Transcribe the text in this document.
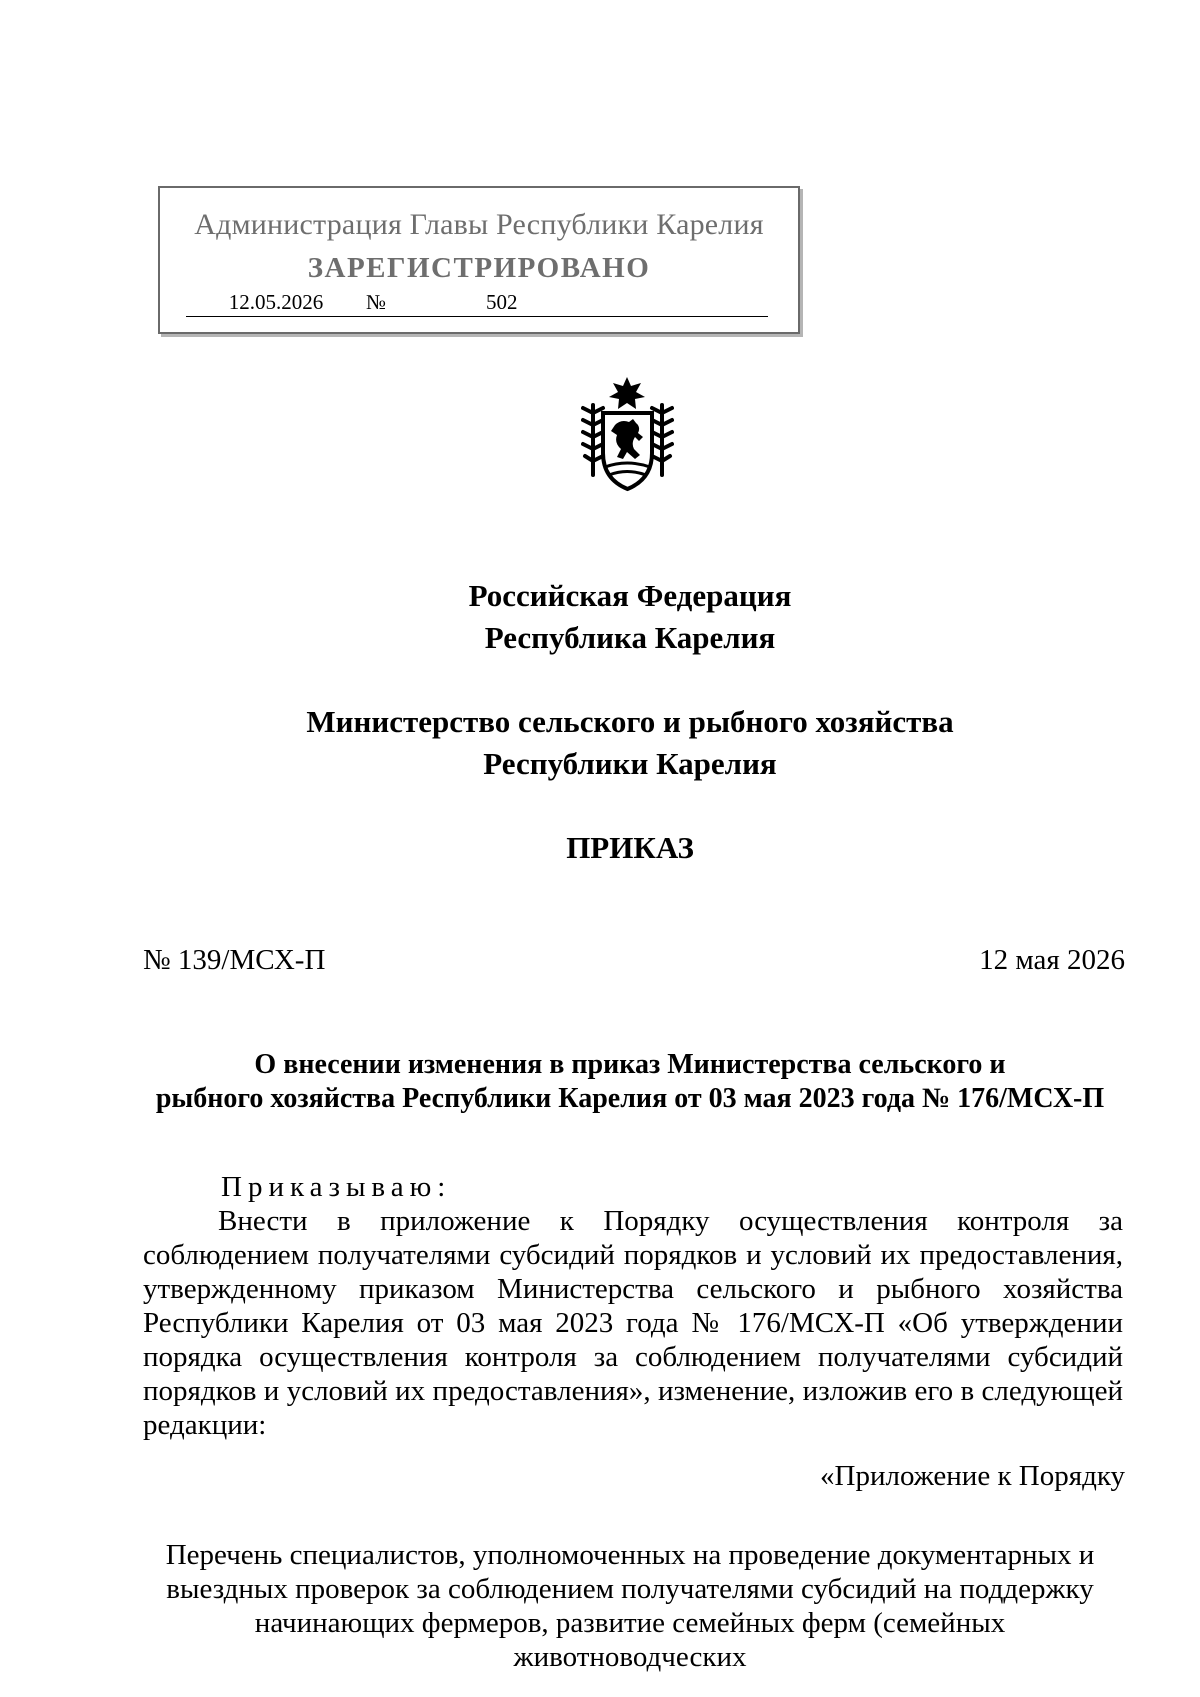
Администрация Главы Республики Карелия
ЗАРЕГИСТРИРОВАНО
12.05.2026	№	502
Российская Федерация
Республика Карелия
Министерство сельского и рыбного хозяйства
Республики Карелия
ПРИКАЗ
№ 139/МСХ-П	12 мая 2026
О внесении изменения в приказ Министерства сельского и
рыбного хозяйства Республики Карелия от 03 мая 2023 года № 176/МСХ-П
Приказываю:

Внести в приложение к Порядку осуществления контроля за соблюдением получателями субсидий порядков и условий их предоставления, утвержденному приказом Министерства сельского и рыбного хозяйства Республики Карелия от 03 мая 2023 года № 176/МСХ-П «Об утверждении порядка осуществления контроля за соблюдением получателями субсидий порядков и условий их предоставления», изменение, изложив его в следующей редакции:

«Приложение к Порядку
Перечень специалистов, уполномоченных на проведение документарных и
выездных проверок за соблюдением получателями субсидий на поддержку
начинающих фермеров, развитие семейных ферм (семейных животноводческих
